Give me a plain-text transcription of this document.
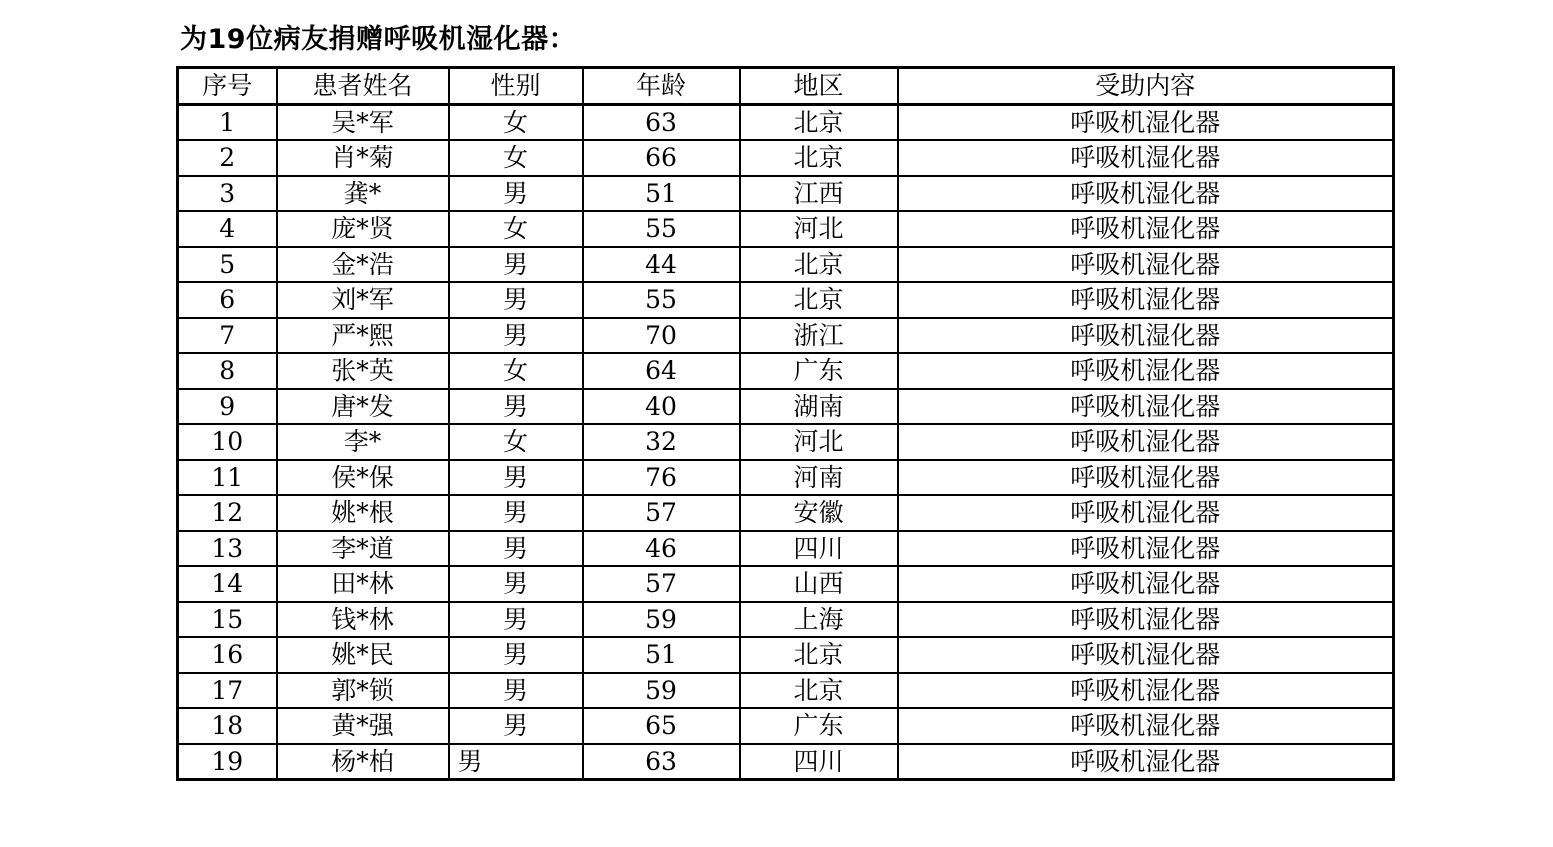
为19位病友捐赠呼吸机湿化器：
序号	患者姓名	性别	年龄	地区	受助内容
1	吴*军	女	63	北京	呼吸机湿化器
2	肖*菊	女	66	北京	呼吸机湿化器
3	龚*	男	51	江西	呼吸机湿化器
4	庞*贤	女	55	河北	呼吸机湿化器
5	金*浩	男	44	北京	呼吸机湿化器
6	刘*军	男	55	北京	呼吸机湿化器
7	严*熙	男	70	浙江	呼吸机湿化器
8	张*英	女	64	广东	呼吸机湿化器
9	唐*发	男	40	湖南	呼吸机湿化器
10	李*	女	32	河北	呼吸机湿化器
11	侯*保	男	76	河南	呼吸机湿化器
12	姚*根	男	57	安徽	呼吸机湿化器
13	李*道	男	46	四川	呼吸机湿化器
14	田*林	男	57	山西	呼吸机湿化器
15	钱*林	男	59	上海	呼吸机湿化器
16	姚*民	男	51	北京	呼吸机湿化器
17	郭*锁	男	59	北京	呼吸机湿化器
18	黄*强	男	65	广东	呼吸机湿化器
19	杨*柏	男	63	四川	呼吸机湿化器
